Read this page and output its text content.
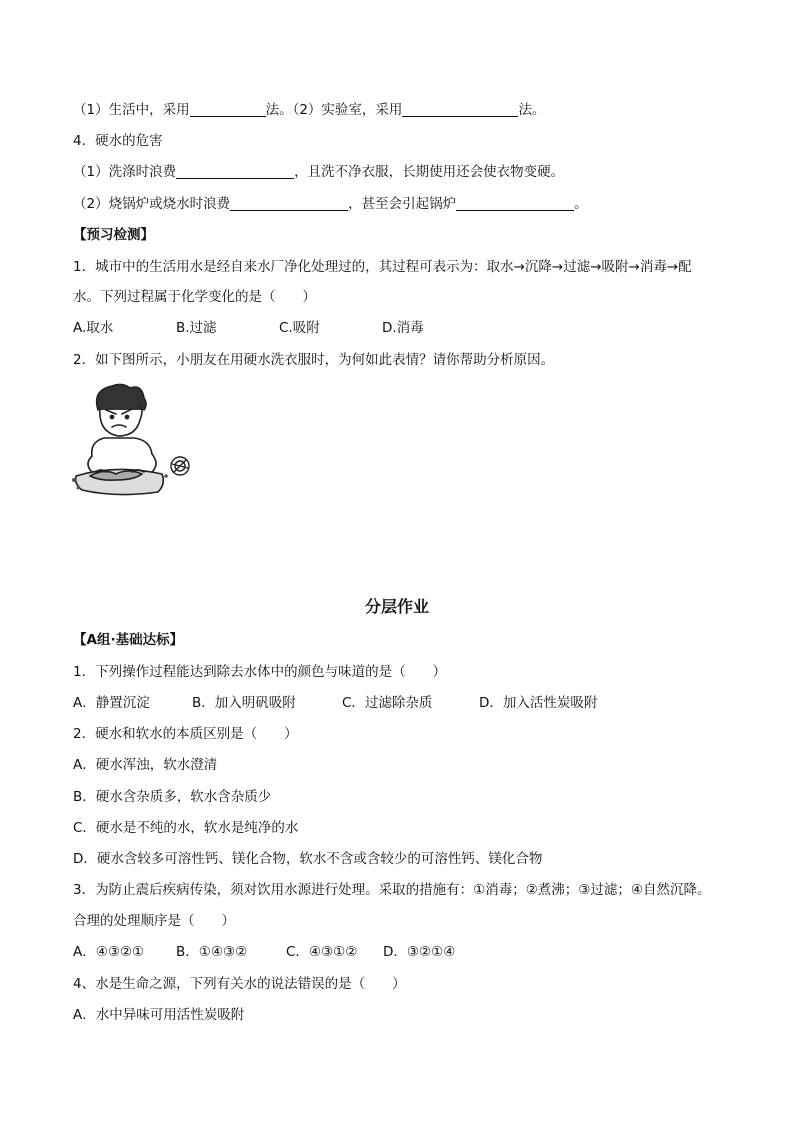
（1）生活中，采用	法。（2）实验室，采用	法。
4．硬水的危害
（1）洗涤时浪费	，且洗不净衣服，长期使用还会使衣物变硬。
（2）烧锅炉或烧水时浪费	，甚至会引起锅炉	。
【预习检测】
1．城市中的生活用水是经自来水厂净化处理过的，其过程可表示为：取水→沉降→过滤→吸附→消毒→配
水。下列过程属于化学变化的是（　　）
A.取水	B.过滤	C.吸附	D.消毒
2．如下图所示，小朋友在用硬水洗衣服时，为何如此表情？请你帮助分析原因。
分层作业
【A组·基础达标】
1．下列操作过程能达到除去水体中的颜色与味道的是（　　）
A．静置沉淀	B．加入明矾吸附	C．过滤除杂质	D．加入活性炭吸附
2．硬水和软水的本质区别是（　　）
A．硬水浑浊，软水澄清
B．硬水含杂质多，软水含杂质少
C．硬水是不纯的水，软水是纯净的水
D．硬水含较多可溶性钙、镁化合物，软水不含或含较少的可溶性钙、镁化合物
3．为防止震后疾病传染，须对饮用水源进行处理。采取的措施有：①消毒；②煮沸；③过滤；④自然沉降。
合理的处理顺序是（　　）
A．④③②① B．①④③②	C．④③①② D．③②①④
4、水是生命之源，下列有关水的说法错误的是（　　）
A．水中异味可用活性炭吸附
